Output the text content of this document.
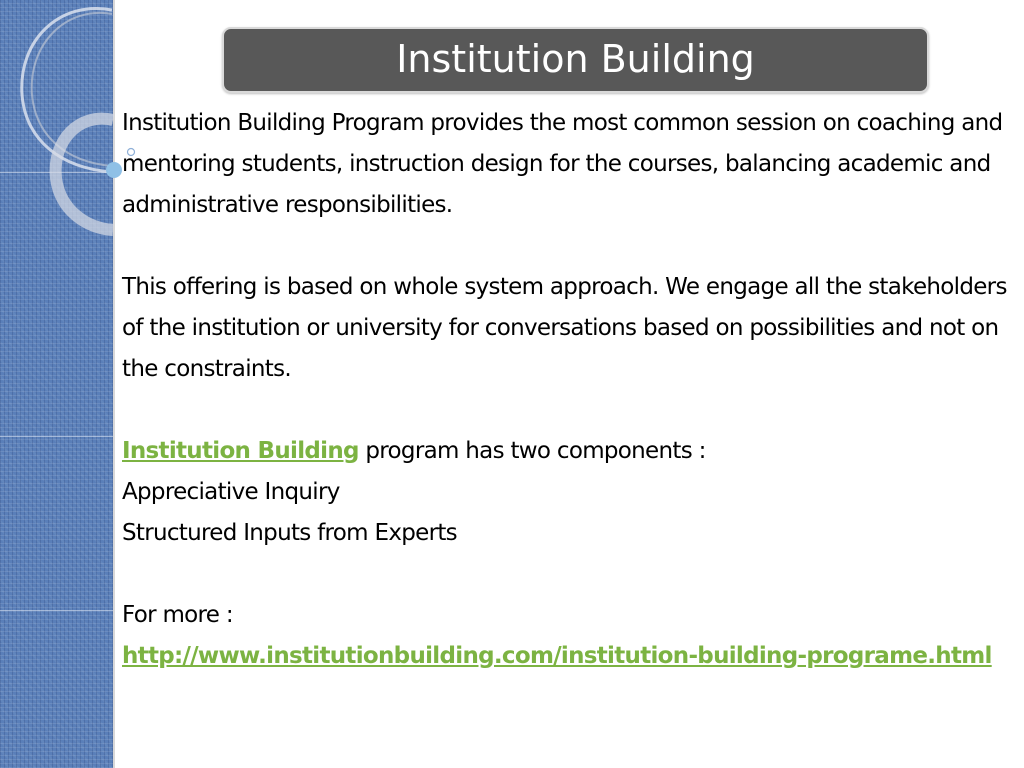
Institution Building

Institution Building Program provides the most common session on coaching and mentoring students, instruction design for the courses, balancing academic and administrative responsibilities.

This offering is based on whole system approach. We engage all the stakeholders of the institution or university for conversations based on possibilities and not on the constraints.

Institution Building program has two components :

Appreciative Inquiry

Structured Inputs from Experts

For more :

http://www.institutionbuilding.com/institution-building-programe.html
